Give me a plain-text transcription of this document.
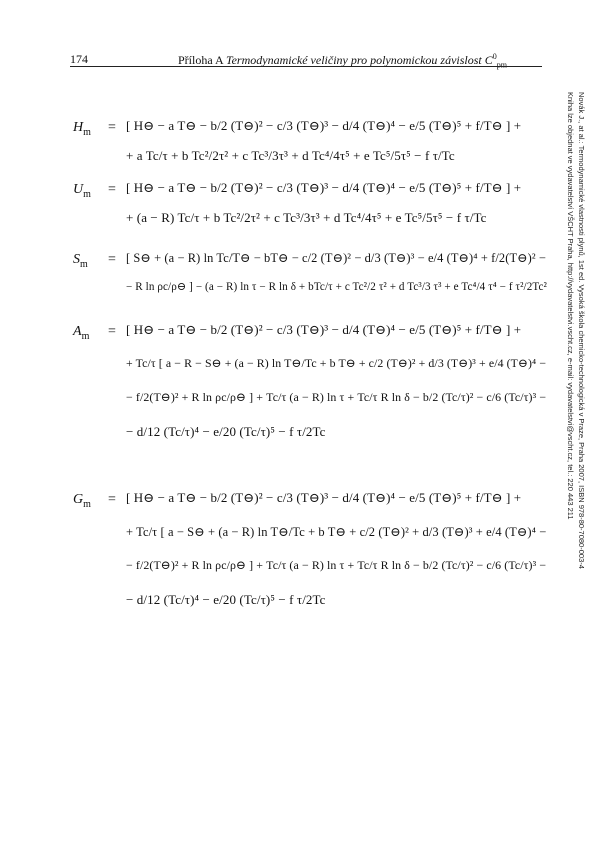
174	Příloha A Termodynamické veličiny pro polynomickou závislost $C^0_{pm}$
$H_m$ = [ H⊖ − a T⊖ − b/2 (T⊖)² − c/3 (T⊖)³ − d/4 (T⊖)⁴ − e/5 (T⊖)⁵ + f/T⊖ ] +
+ a Tc/τ + b Tc²/2τ² + c Tc³/3τ³ + d Tc⁴/4τ⁵ + e Tc⁵/5τ⁵ − f τ/Tc
$U_m$ = [ H⊖ − a T⊖ − b/2 (T⊖)² − c/3 (T⊖)³ − d/4 (T⊖)⁴ − e/5 (T⊖)⁵ + f/T⊖ ] +
+ (a − R) Tc/τ + b Tc²/2τ² + c Tc³/3τ³ + d Tc⁴/4τ⁵ + e Tc⁵/5τ⁵ − f τ/Tc
$S_m$ = [ S⊖ + (a − R) ln Tc/T⊖ − bT⊖ − c/2 (T⊖)² − d/3 (T⊖)³ − e/4 (T⊖)⁴ + f/2(T⊖)² −
− R ln ρc/ρ⊖ ] − (a − R) ln τ − R ln δ + bTc/τ + c Tc²/2 τ² + d Tc³/3 τ³ + e Tc⁴/4 τ⁴ − f τ²/2Tc²
$A_m$ = [ H⊖ − a T⊖ − b/2 (T⊖)² − c/3 (T⊖)³ − d/4 (T⊖)⁴ − e/5 (T⊖)⁵ + f/T⊖ ] +
+ Tc/τ [ a − R − S⊖ + (a − R) ln T⊖/Tc + b T⊖ + c/2 (T⊖)² + d/3 (T⊖)³ + e/4 (T⊖)⁴ −
− f/2(T⊖)² + R ln ρc/ρ⊖ ] + Tc/τ (a − R) ln τ + Tc/τ R ln δ − b/2 (Tc/τ)² − c/6 (Tc/τ)³ −
− d/12 (Tc/τ)⁴ − e/20 (Tc/τ)⁵ − f τ/2Tc
$G_m$ = [ H⊖ − a T⊖ − b/2 (T⊖)² − c/3 (T⊖)³ − d/4 (T⊖)⁴ − e/5 (T⊖)⁵ + f/T⊖ ] +
+ Tc/τ [ a − S⊖ + (a − R) ln T⊖/Tc + b T⊖ + c/2 (T⊖)² + d/3 (T⊖)³ + e/4 (T⊖)⁴ −
− f/2(T⊖)² + R ln ρc/ρ⊖ ] + Tc/τ (a − R) ln τ + Tc/τ R ln δ − b/2 (Tc/τ)² − c/6 (Tc/τ)³ −
− d/12 (Tc/τ)⁴ − e/20 (Tc/τ)⁵ − f τ/2Tc
Novák J., at al.: Termodynamické vlastnosti plynů, 1st ed. Vysoká škola chemicko-technologická v Praze, Praha 2007, ISBN 978-80-7080-003-4
Kniha lze objednat ve vydavatelství VŠCHT Praha, http://vydavatelstvi.vscht.cz, e-mail: vydavatelstvi@vscht.cz, tel.: 220 443 211
